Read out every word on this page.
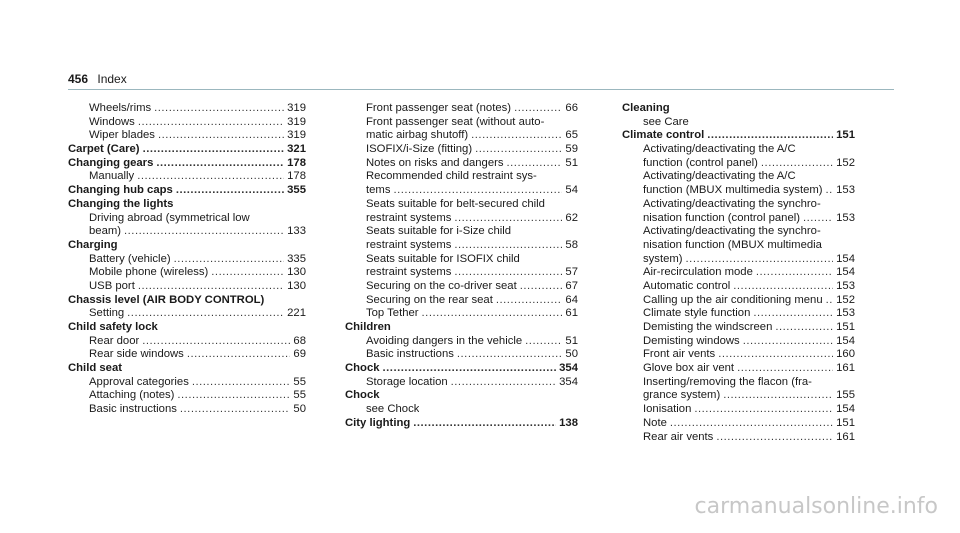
456 Index
Wheels/rims .....	319
Windows .....	319
Wiper blades .....	319
Carpet (Care) .....	321
Changing gears .....	178
Manually .....	178
Changing hub caps .....	355
Changing the lights
Driving abroad (symmetrical low
beam) .....	133
Charging
Battery (vehicle) .....	335
Mobile phone (wireless) .....	130
USB port .....	130
Chassis level (AIR BODY CONTROL)
Setting .....	221
Child safety lock
Rear door .....	68
Rear side windows .....	69
Child seat
Approval categories .....	55
Attaching (notes) .....	55
Basic instructions .....	50
Front passenger seat (notes) .....	66
Front passenger seat (without auto-
matic airbag shutoff) .....	65
ISOFIX/i-Size (fitting) .....	59
Notes on risks and dangers .....	51
Recommended child restraint sys-
tems .....	54
Seats suitable for belt-secured child
restraint systems .....	62
Seats suitable for i-Size child
restraint systems .....	58
Seats suitable for ISOFIX child
restraint systems .....	57
Securing on the co-driver seat .....	67
Securing on the rear seat .....	64
Top Tether .....	61
Children
Avoiding dangers in the vehicle .....	51
Basic instructions .....	50
Chock .....	354
Storage location .....	354
Chock
see Chock
City lighting .....	138
Cleaning
see Care
Climate control .....	151
Activating/deactivating the A/C
function (control panel) .....	152
Activating/deactivating the A/C
function (MBUX multimedia system) ..... 153
Activating/deactivating the synchro-
nisation function (control panel) .....	153
Activating/deactivating the synchro-
nisation function (MBUX multimedia
system) .....	154
Air-recirculation mode .....	154
Automatic control .....	153
Calling up the air conditioning menu ..... 152
Climate style function .....	153
Demisting the windscreen .....	151
Demisting windows .....	154
Front air vents .....	160
Glove box air vent .....	161
Inserting/removing the flacon (fra-
grance system) .....	155
Ionisation .....	154
Note .....	151
Rear air vents .....	161
carmanualsonline.info
